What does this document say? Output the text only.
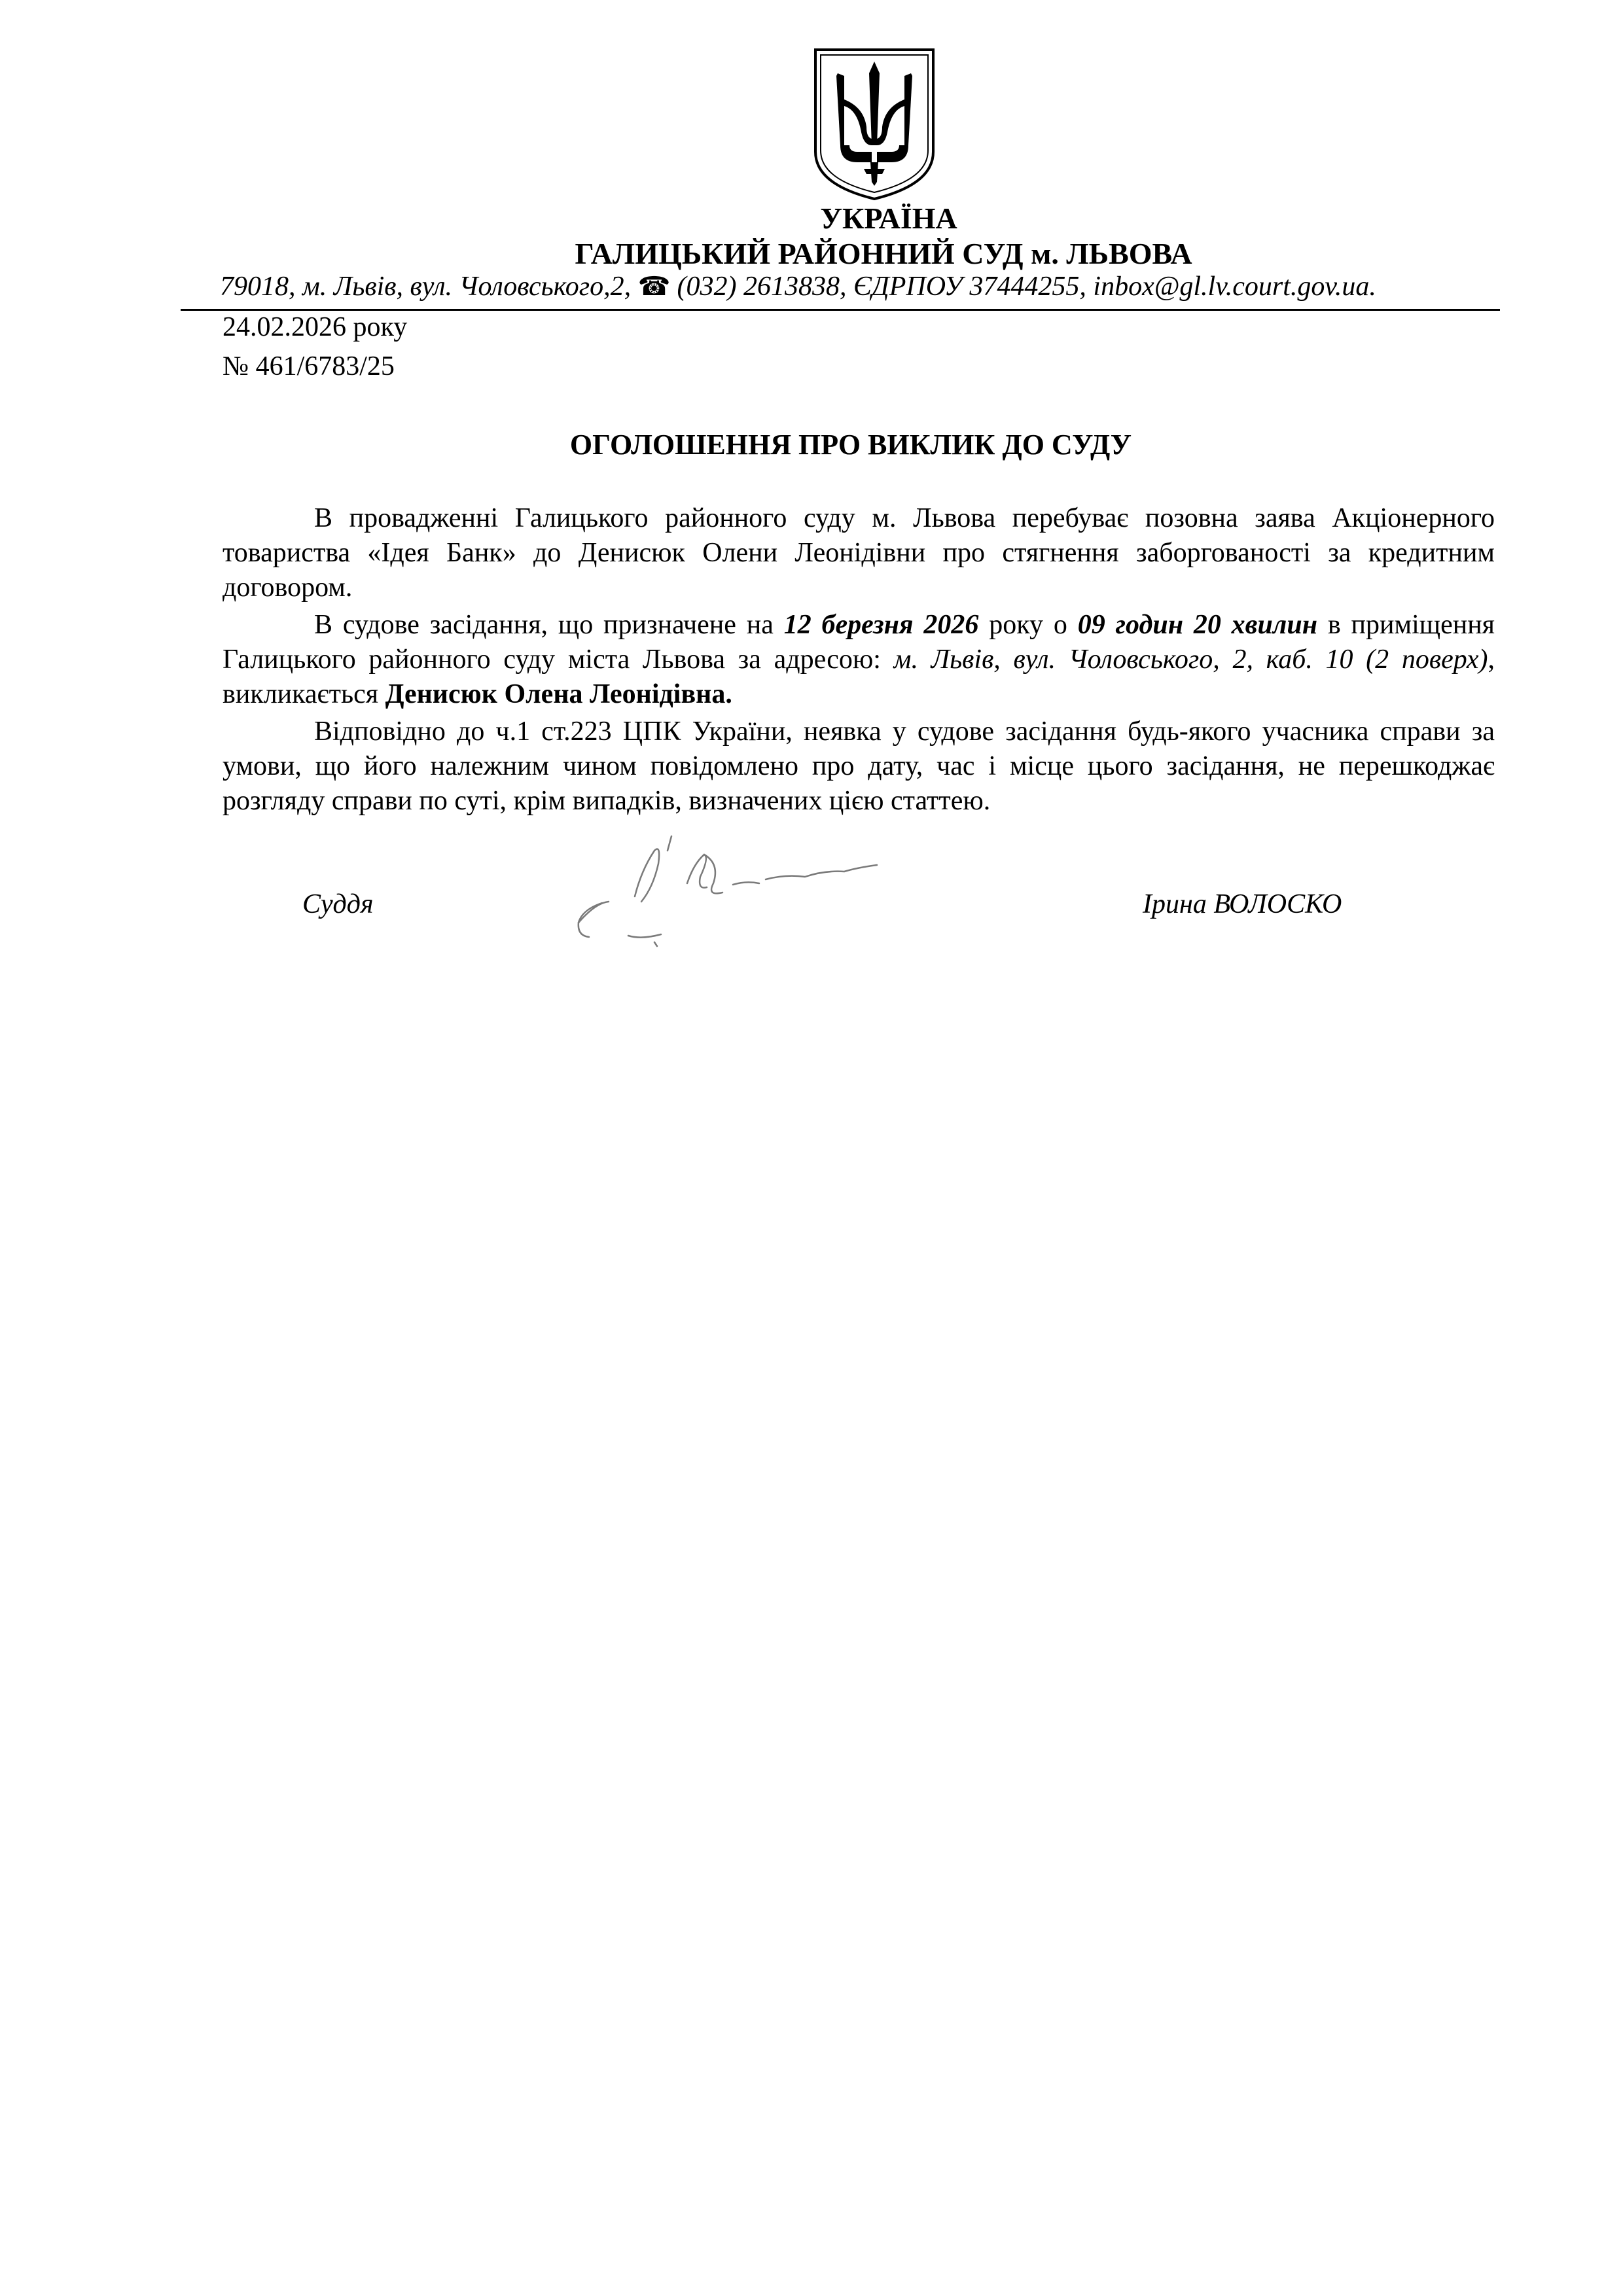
УКРАЇНА
ГАЛИЦЬКИЙ РАЙОННИЙ СУД м. ЛЬВОВА
79018, м. Львів, вул. Чоловського,2, ☎ (032) 2613838, ЄДРПОУ 37444255, inbox@gl.lv.court.gov.ua.
24.02.2026 року
№ 461/6783/25
ОГОЛОШЕННЯ ПРО ВИКЛИК ДО СУДУ

В провадженні Галицького районного суду м. Львова перебуває позовна заява Акціонерного товариства «Ідея Банк» до Денисюк Олени Леонідівни про стягнення заборгованості за кредитним договором.

В судове засідання, що призначене на 12 березня 2026 року о 09 годин 20 хвилин в приміщення Галицького районного суду міста Львова за адресою: м. Львів, вул. Чоловського, 2, каб. 10 (2 поверх), викликається Денисюк Олена Леонідівна.

Відповідно до ч.1 ст.223 ЦПК України, неявка у судове засідання будь-якого учасника справи за умови, що його належним чином повідомлено про дату, час і місце цього засідання, не перешкоджає розгляду справи по суті, крім випадків, визначених цією статтею.

Суддя	Ірина ВОЛОСКО
